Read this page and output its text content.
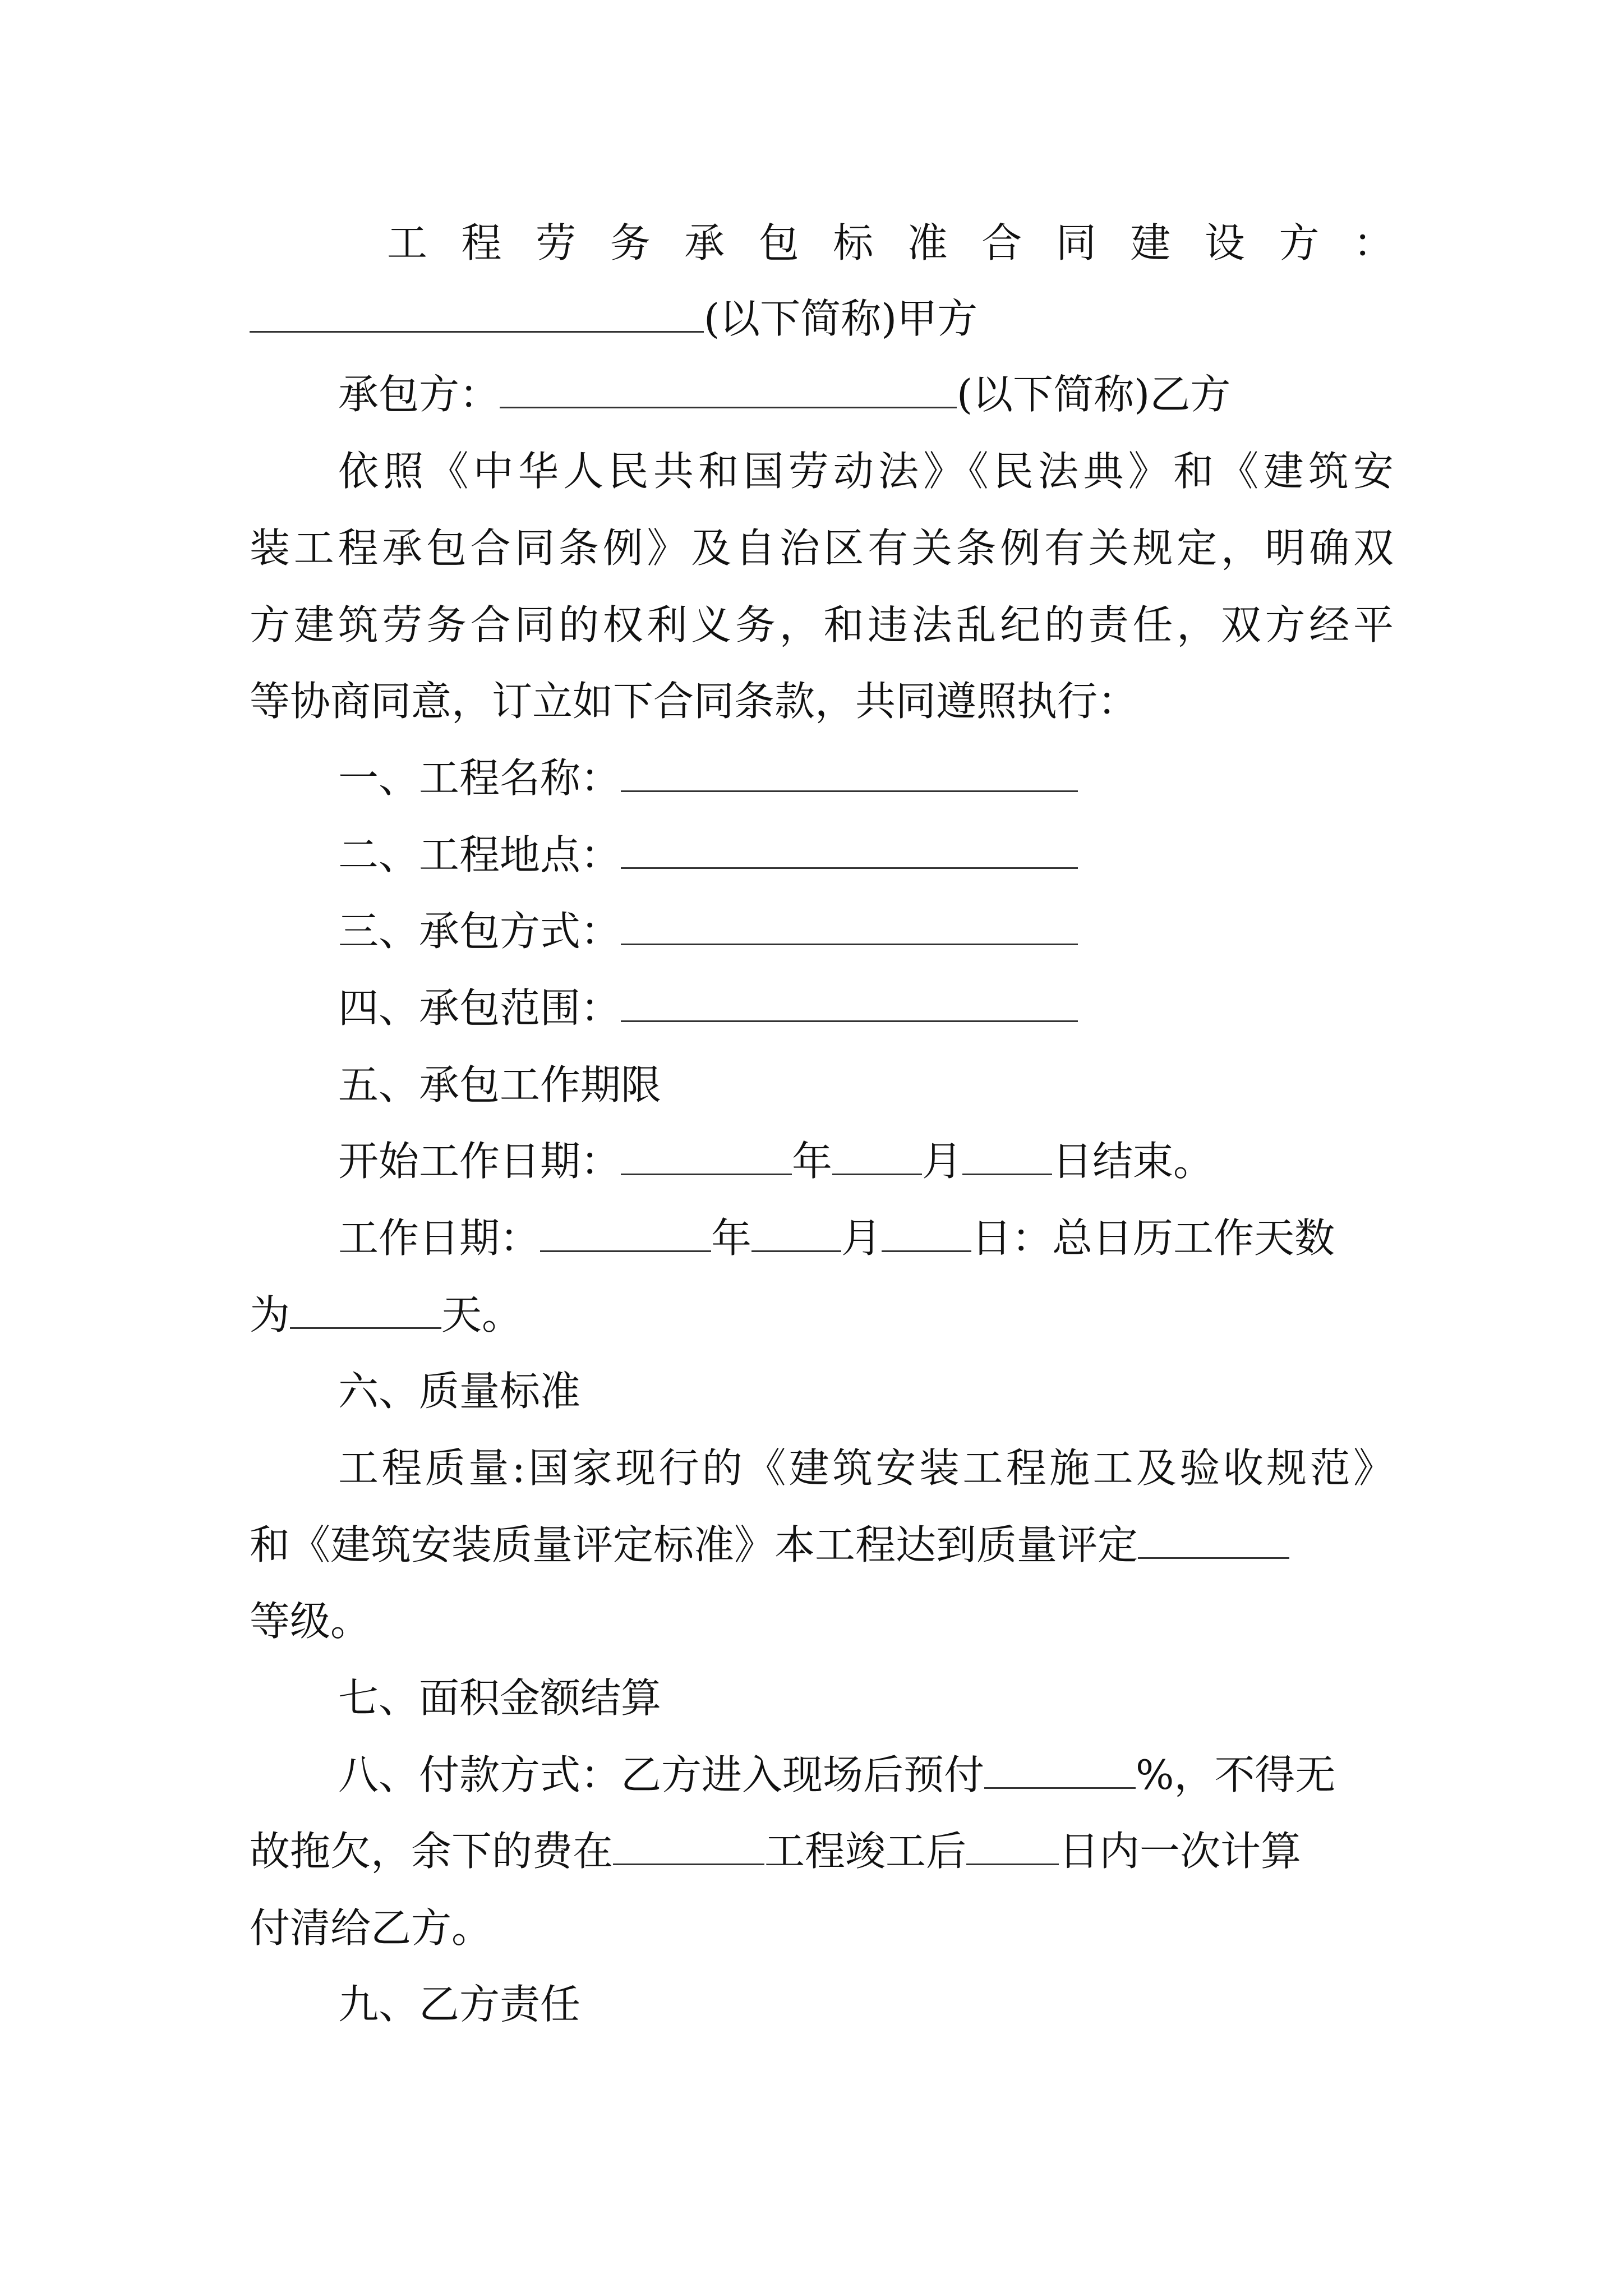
工 程 劳 务 承 包 标 准 合 同 建 设 方 ：
(以下简称)甲方
承包方：	(以下简称)乙方
依照《中华人民共和国劳动法》《民法典》和《建筑安
装工程承包合同条例》及自治区有关条例有关规定，明确双
方建筑劳务合同的权利义务，和违法乱纪的责任，双方经平
等协商同意，订立如下合同条款，共同遵照执行：
一、工程名称：
二、工程地点：
三、承包方式：
四、承包范围：
五、承包工作期限
开始工作日期：	年 月 日结束。
工作日期：	年 月 日：总日历工作天数
为	天。
六、质量标准
工程质量:国家现行的《建筑安装工程施工及验收规范》
和《建筑安装质量评定标准》本工程达到质量评定
等级。
七、面积金额结算
八、付款方式：乙方进入现场后预付	%，不得无
故拖欠，余下的费在	工程竣工后 日内一次计算
付清给乙方。
九、乙方责任
